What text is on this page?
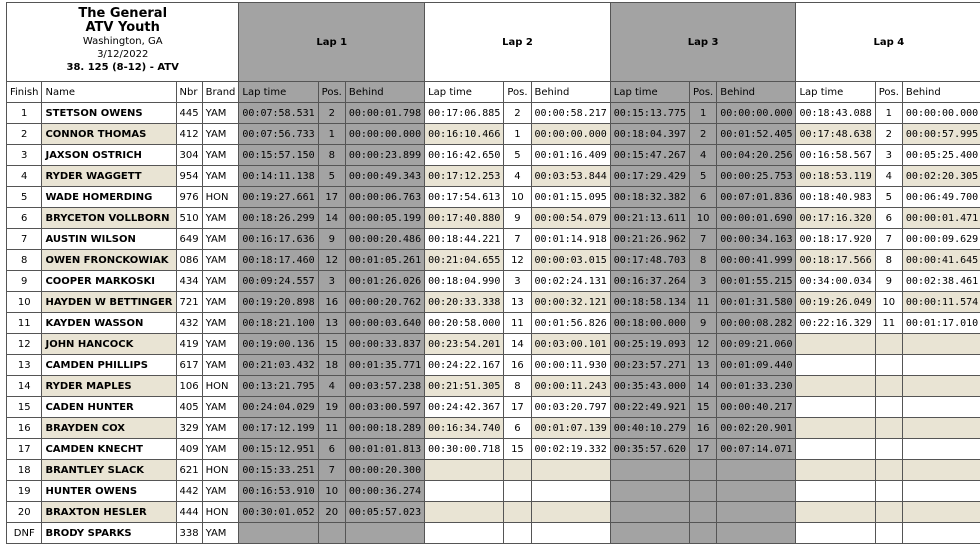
The General
ATV Youth
Washington, GA
3/12/2022
38. 125 (8-12) - ATV				Lap 1			Lap 2			Lap 3			Lap 4		
Finish	Name	Nbr	Brand	Lap time	Pos.	Behind	Lap time	Pos.	Behind	Lap time	Pos.	Behind	Lap time	Pos.	Behind
1	STETSON OWENS	445	YAM	00:07:58.531	2	00:00:01.798	00:17:06.885	2	00:00:58.217	00:15:13.775	1	00:00:00.000	00:18:43.088	1	00:00:00.000
2	CONNOR THOMAS	412	YAM	00:07:56.733	1	00:00:00.000	00:16:10.466	1	00:00:00.000	00:18:04.397	2	00:01:52.405	00:17:48.638	2	00:00:57.995
3	JAXSON OSTRICH	304	YAM	00:15:57.150	8	00:00:23.899	00:16:42.650	5	00:01:16.409	00:15:47.267	4	00:04:20.256	00:16:58.567	3	00:05:25.400
4	RYDER WAGGETT	954	YAM	00:14:11.138	5	00:00:49.343	00:17:12.253	4	00:03:53.844	00:17:29.429	5	00:00:25.753	00:18:53.119	4	00:02:20.305
5	WADE HOMERDING	976	HON	00:19:27.661	17	00:00:06.763	00:17:54.613	10	00:01:15.095	00:18:32.382	6	00:07:01.836	00:18:40.983	5	00:06:49.700
6	BRYCETON VOLLBORN	510	YAM	00:18:26.299	14	00:00:05.199	00:17:40.880	9	00:00:54.079	00:21:13.611	10	00:00:01.690	00:17:16.320	6	00:00:01.471
7	AUSTIN WILSON	649	YAM	00:16:17.636	9	00:00:20.486	00:18:44.221	7	00:01:14.918	00:21:26.962	7	00:00:34.163	00:18:17.920	7	00:00:09.629
8	OWEN FRONCKOWIAK	086	YAM	00:18:17.460	12	00:01:05.261	00:21:04.655	12	00:00:03.015	00:17:48.703	8	00:00:41.999	00:18:17.566	8	00:00:41.645
9	COOPER MARKOSKI	434	YAM	00:09:24.557	3	00:01:26.026	00:18:04.990	3	00:02:24.131	00:16:37.264	3	00:01:55.215	00:34:00.034	9	00:02:38.461
10	HAYDEN W BETTINGER	721	YAM	00:19:20.898	16	00:00:20.762	00:20:33.338	13	00:00:32.121	00:18:58.134	11	00:01:31.580	00:19:26.049	10	00:00:11.574
11	KAYDEN WASSON	432	YAM	00:18:21.100	13	00:00:03.640	00:20:58.000	11	00:01:56.826	00:18:00.000	9	00:00:08.282	00:22:16.329	11	00:01:17.010
12	JOHN HANCOCK	419	YAM	00:19:00.136	15	00:00:33.837	00:23:54.201	14	00:03:00.101	00:25:19.093	12	00:09:21.060			
13	CAMDEN PHILLIPS	617	YAM	00:21:03.432	18	00:01:35.771	00:24:22.167	16	00:00:11.930	00:23:57.271	13	00:01:09.440			
14	RYDER MAPLES	106	HON	00:13:21.795	4	00:03:57.238	00:21:51.305	8	00:00:11.243	00:35:43.000	14	00:01:33.230			
15	CADEN HUNTER	405	YAM	00:24:04.029	19	00:03:00.597	00:24:42.367	17	00:03:20.797	00:22:49.921	15	00:00:40.217			
16	BRAYDEN COX	329	YAM	00:17:12.199	11	00:00:18.289	00:16:34.740	6	00:01:07.139	00:40:10.279	16	00:02:20.901			
17	CAMDEN KNECHT	409	YAM	00:15:12.951	6	00:01:01.813	00:30:00.718	15	00:02:19.332	00:35:57.620	17	00:07:14.071			
18	BRANTLEY SLACK	621	HON	00:15:33.251	7	00:00:20.300									
19	HUNTER OWENS	442	YAM	00:16:53.910	10	00:00:36.274									
20	BRAXTON HESLER	444	HON	00:30:01.052	20	00:05:57.023									
DNF	BRODY SPARKS	338	YAM												
